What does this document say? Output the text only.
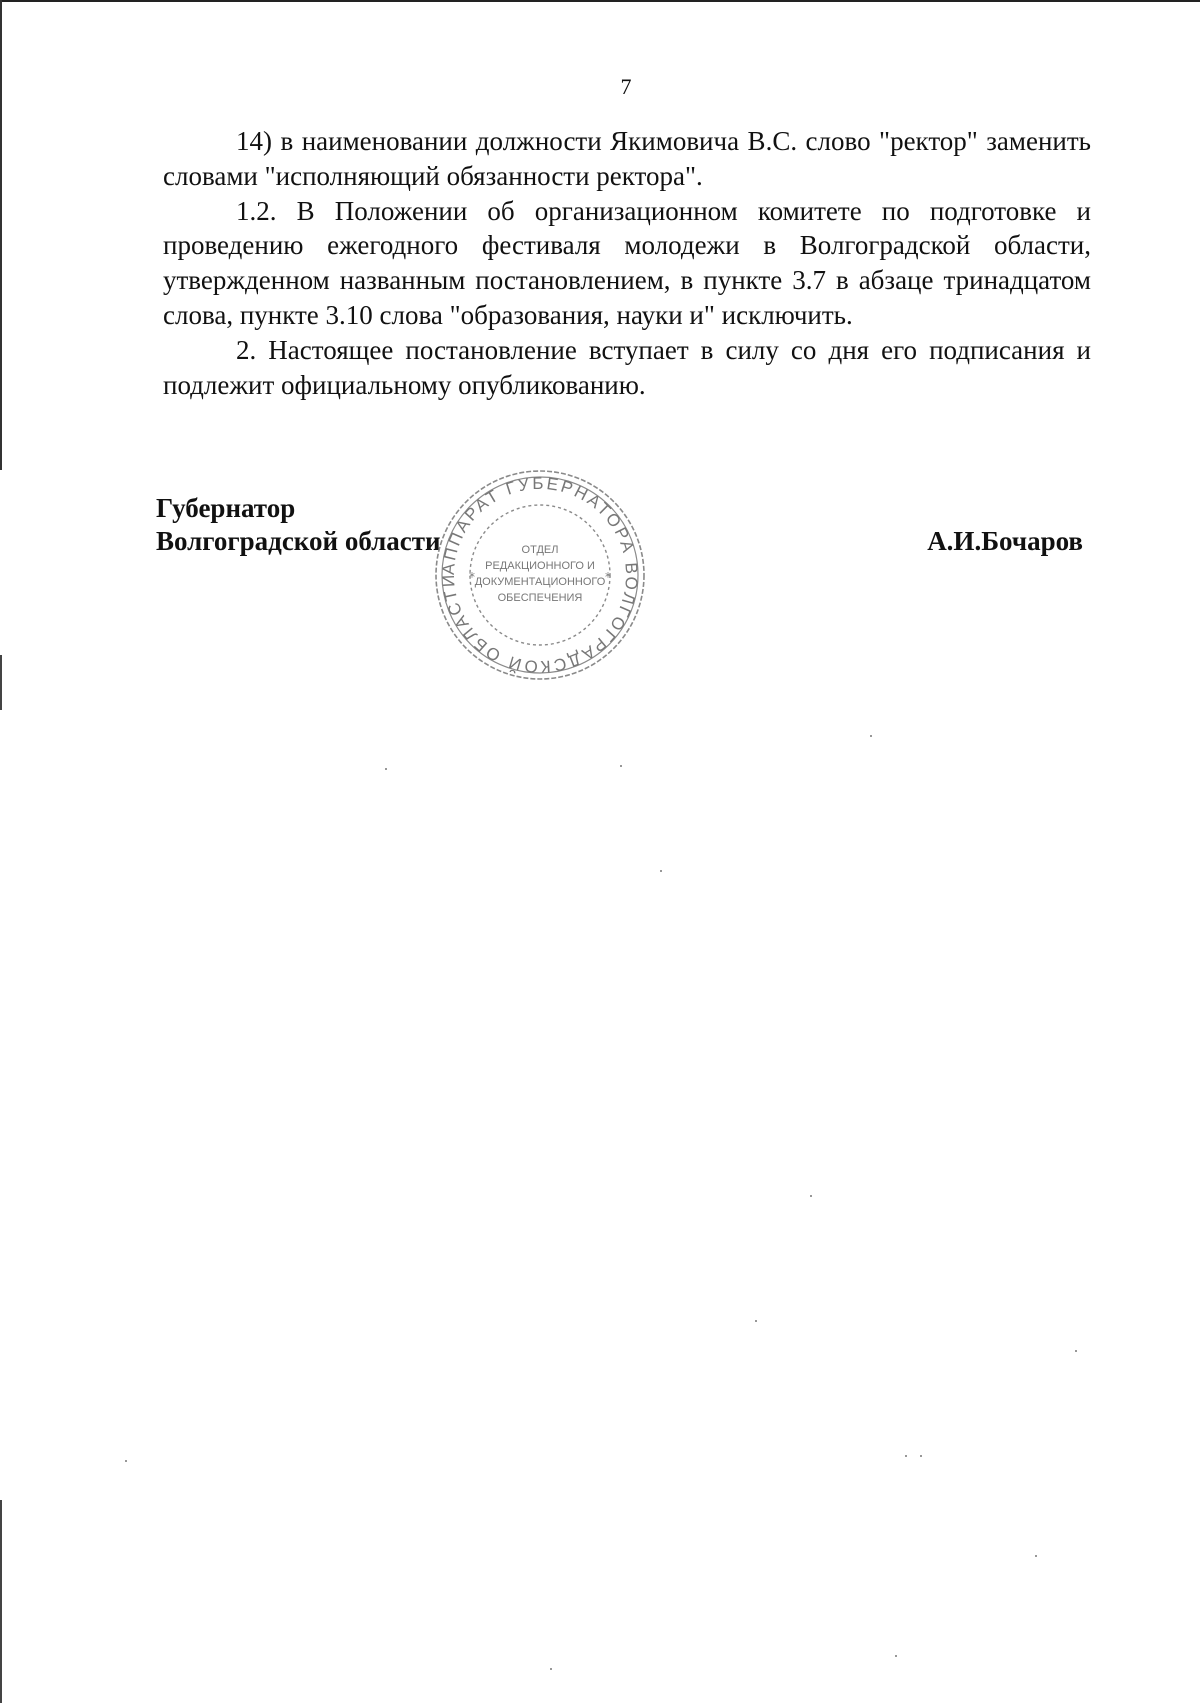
7

14) в наименовании должности Якимовича В.С. слово "ректор" заменить словами "исполняющий обязанности ректора".

1.2. В Положении об организационном комитете по подготовке и проведению ежегодного фестиваля молодежи в Волгоградской области, утвержденном названным постановлением, в пункте 3.7 в абзаце тринадцатом слова, пункте 3.10 слова "образования, науки и" исключить.

2. Настоящее постановление вступает в силу со дня его подписания и подлежит официальному опубликованию.

Губернатор
Волгоградской области	А.И.Бочаров
АППАРАТ ГУБЕРНАТОРА ВОЛГОГРАДСКОЙ ОБЛАСТИ *	*
ОТДЕЛ
РЕДАКЦИОННОГО И
ДОКУМЕНТАЦИОННОГО
ОБЕСПЕЧЕНИЯ
